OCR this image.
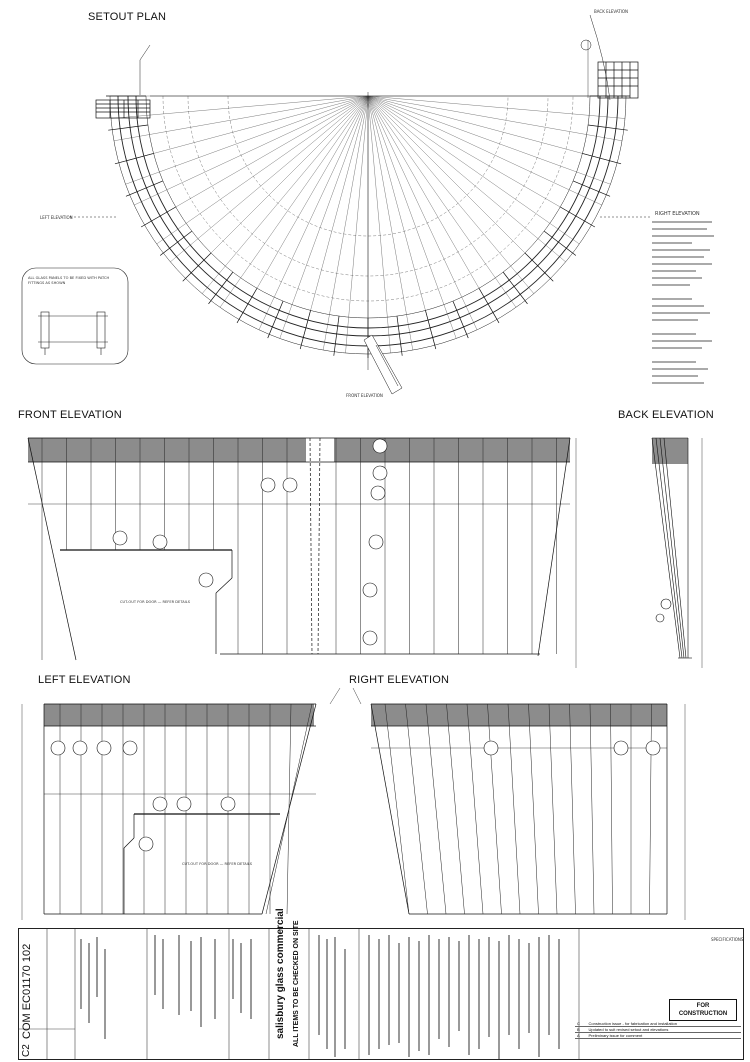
SETOUT PLAN
FRONT ELEVATION	BACK ELEVATION
LEFT ELEVATION	RIGHT ELEVATION
BACK ELEVATION
LEFT ELEVATION
FRONT ELEVATION
RIGHT ELEVATION
ALL GLASS PANELS TO BE FIXED WITH PATCH FITTINGS AS SHOWN
CUT-OUT FOR DOOR — REFER DETAILS
CUT-OUT FOR DOOR — REFER DETAILS
COM EC01170 102
C2
salisbury glass commercial ALL ITEMS TO BE CHECKED ON SITE	SPECIFICATIONS
FOR CONSTRUCTION
C	Construction issue - for fabrication and installation
B	Updated to suit revised setout and elevations
A	Preliminary issue for comment
